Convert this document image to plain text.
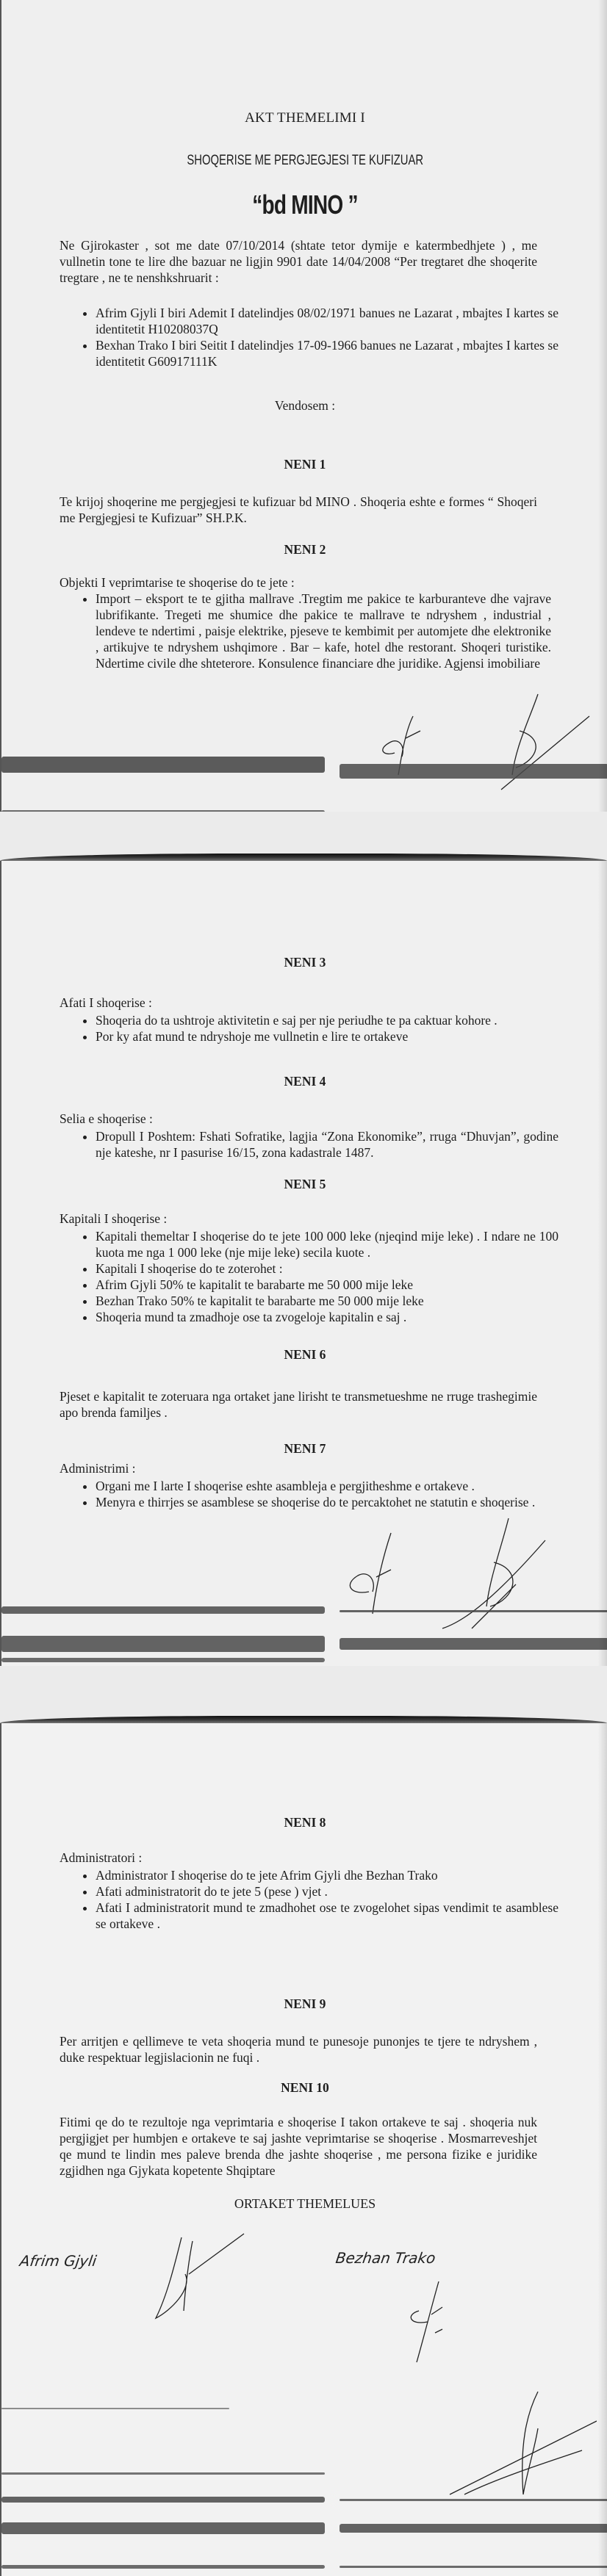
AKT THEMELIMI I
SHOQERISE ME PERGJEGJESI TE KUFIZUAR
“bd MINO ”
Ne Gjirokaster , sot me date 07/10/2014 (shtate tetor dymije e katermbedhjete ) , me vullnetin tone te lire dhe bazuar ne ligjin 9901 date 14/04/2008 “Per tregtaret dhe shoqerite tregtare , ne te nenshkshruarit :
• Afrim Gjyli I biri Ademit I datelindjes 08/02/1971 banues ne Lazarat , mbajtes I kartes se identitetit H10208037Q
• Bexhan Trako I biri Seitit I datelindjes 17-09-1966 banues ne Lazarat , mbajtes I kartes se identitetit G60917111K
Vendosem :
NENI 1
Te krijoj shoqerine me pergjegjesi te kufizuar bd MINO . Shoqeria eshte e formes “ Shoqeri me Pergjegjesi te Kufizuar” SH.P.K.
NENI 2
Objekti I veprimtarise te shoqerise do te jete :
• Import – eksport te te gjitha mallrave .Tregtim me pakice te karburanteve dhe vajrave lubrifikante. Tregeti me shumice dhe pakice te mallrave te ndryshem , industrial , lendeve te ndertimi , paisje elektrike, pjeseve te kembimit per automjete dhe elektronike , artikujve te ndryshem ushqimore . Bar – kafe, hotel dhe restorant. Shoqeri turistike. Ndertime civile dhe shteterore. Konsulence financiare dhe juridike. Agjensi imobiliare
NENI 3
Afati I shoqerise :
• Shoqeria do ta ushtroje aktivitetin e saj per nje periudhe te pa caktuar kohore .
• Por ky afat mund te ndryshoje me vullnetin e lire te ortakeve
NENI 4
Selia e shoqerise :
• Dropull I Poshtem: Fshati Sofratike, lagjia “Zona Ekonomike”, rruga “Dhuvjan”, godine nje kateshe, nr I pasurise 16/15, zona kadastrale 1487.
NENI 5
Kapitali I shoqerise :
• Kapitali themeltar I shoqerise do te jete 100 000 leke (njeqind mije leke) . I ndare ne 100 kuota me nga 1 000 leke (nje mije leke) secila kuote .
• Kapitali I shoqerise do te zoterohet :
• Afrim Gjyli 50% te kapitalit te barabarte me 50 000 mije leke
• Bezhan Trako 50% te kapitalit te barabarte me 50 000 mije leke
• Shoqeria mund ta zmadhoje ose ta zvogeloje kapitalin e saj .
NENI 6
Pjeset e kapitalit te zoteruara nga ortaket jane lirisht te transmetueshme ne rruge trashegimie apo brenda familjes .
NENI 7
Administrimi :
• Organi me I larte I shoqerise eshte asambleja e pergjitheshme e ortakeve .
• Menyra e thirrjes se asamblese se shoqerise do te percaktohet ne statutin e shoqerise .
NENI 8
Administratori :
• Administrator I shoqerise do te jete Afrim Gjyli dhe Bezhan Trako
• Afati administratorit do te jete 5 (pese ) vjet .
• Afati I administratorit mund te zmadhohet ose te zvogelohet sipas vendimit te asamblese se ortakeve .
NENI 9
Per arritjen e qellimeve te veta shoqeria mund te punesoje punonjes te tjere te ndryshem , duke respektuar legjislacionin ne fuqi .
NENI 10
Fitimi qe do te rezultoje nga veprimtaria e shoqerise I takon ortakeve te saj . shoqeria nuk pergjigjet per humbjen e ortakeve te saj jashte veprimtarise se shoqerise . Mosmarreveshjet qe mund te lindin mes paleve brenda dhe jashte shoqerise , me persona fizike e juridike zgjidhen nga Gjykata kopetente Shqiptare
ORTAKET THEMELUES
Afrim Gjyli	Bezhan Trako
